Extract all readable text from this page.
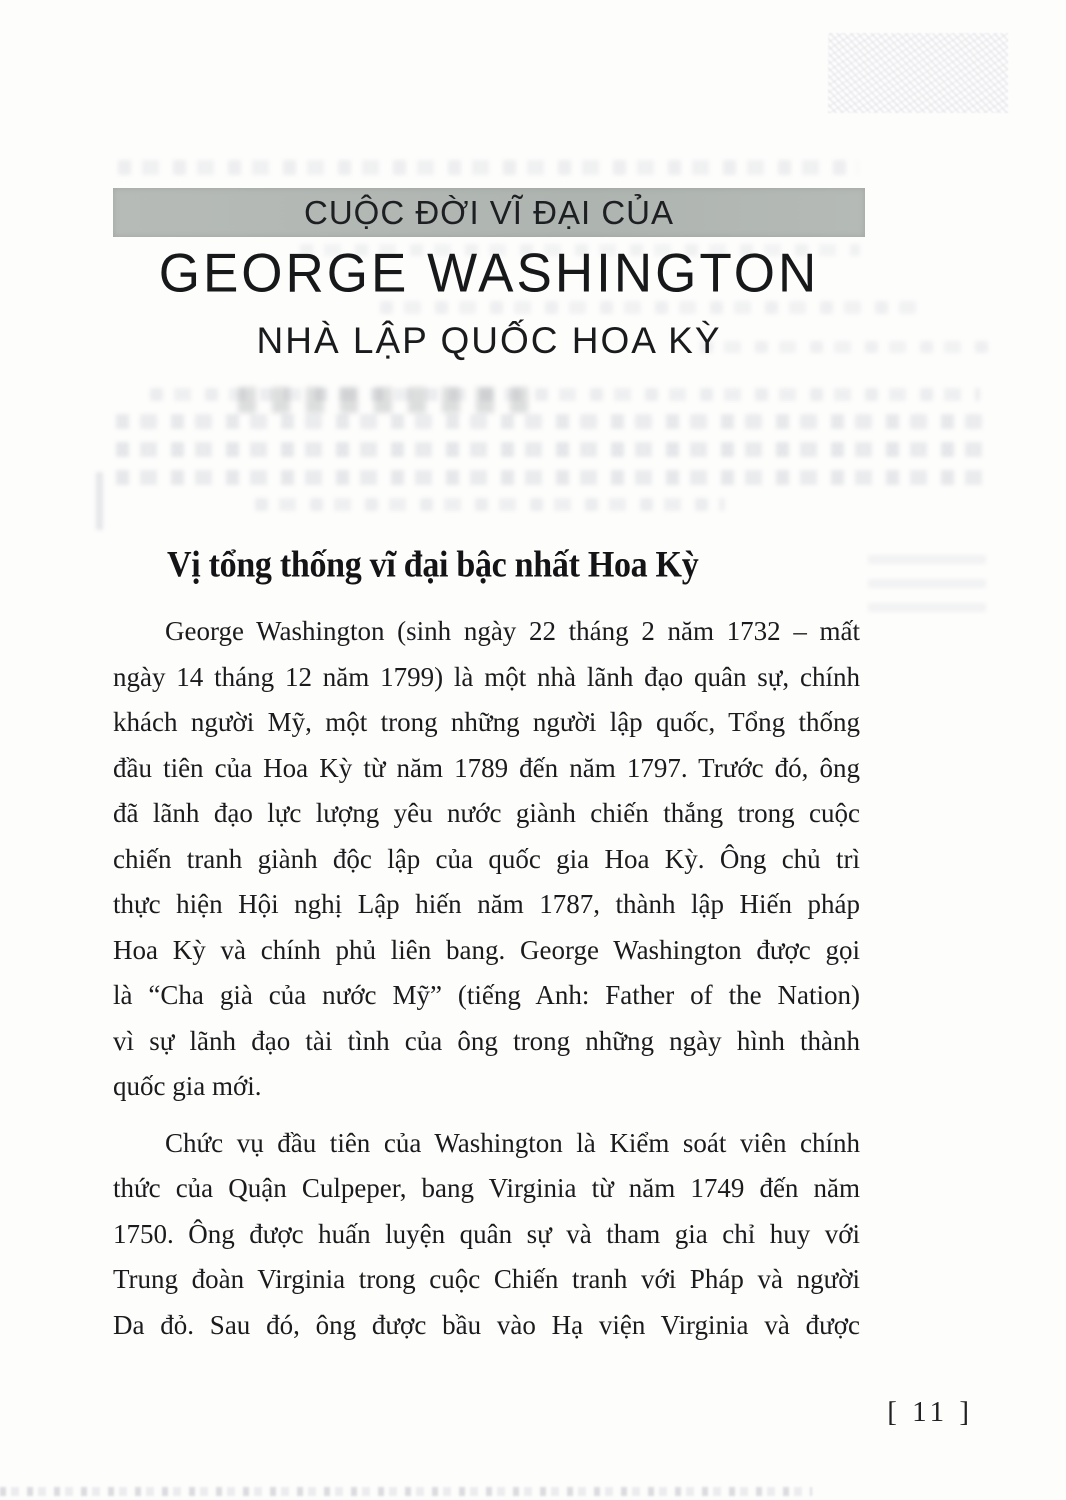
CUỘC ĐỜI VĨ ĐẠI CỦA
GEORGE WASHINGTON
NHÀ LẬP QUỐC HOA KỲ
Vị tổng thống vĩ đại bậc nhất Hoa Kỳ
George Washington (sinh ngày 22 tháng 2 năm 1732 – mất
ngày 14 tháng 12 năm 1799) là một nhà lãnh đạo quân sự, chính
khách người Mỹ, một trong những người lập quốc, Tổng thống
đầu tiên của Hoa Kỳ từ năm 1789 đến năm 1797. Trước đó, ông
đã lãnh đạo lực lượng yêu nước giành chiến thắng trong cuộc
chiến tranh giành độc lập của quốc gia Hoa Kỳ. Ông chủ trì
thực hiện Hội nghị Lập hiến năm 1787, thành lập Hiến pháp
Hoa Kỳ và chính phủ liên bang. George Washington được gọi
là “Cha già của nước Mỹ” (tiếng Anh: Father of the Nation)
vì sự lãnh đạo tài tình của ông trong những ngày hình thành
quốc gia mới.
Chức vụ đầu tiên của Washington là Kiểm soát viên chính
thức của Quận Culpeper, bang Virginia từ năm 1749 đến năm
1750. Ông được huấn luyện quân sự và tham gia chỉ huy với
Trung đoàn Virginia trong cuộc Chiến tranh với Pháp và người
Da đỏ. Sau đó, ông được bầu vào Hạ viện Virginia và được
[ 11 ]
